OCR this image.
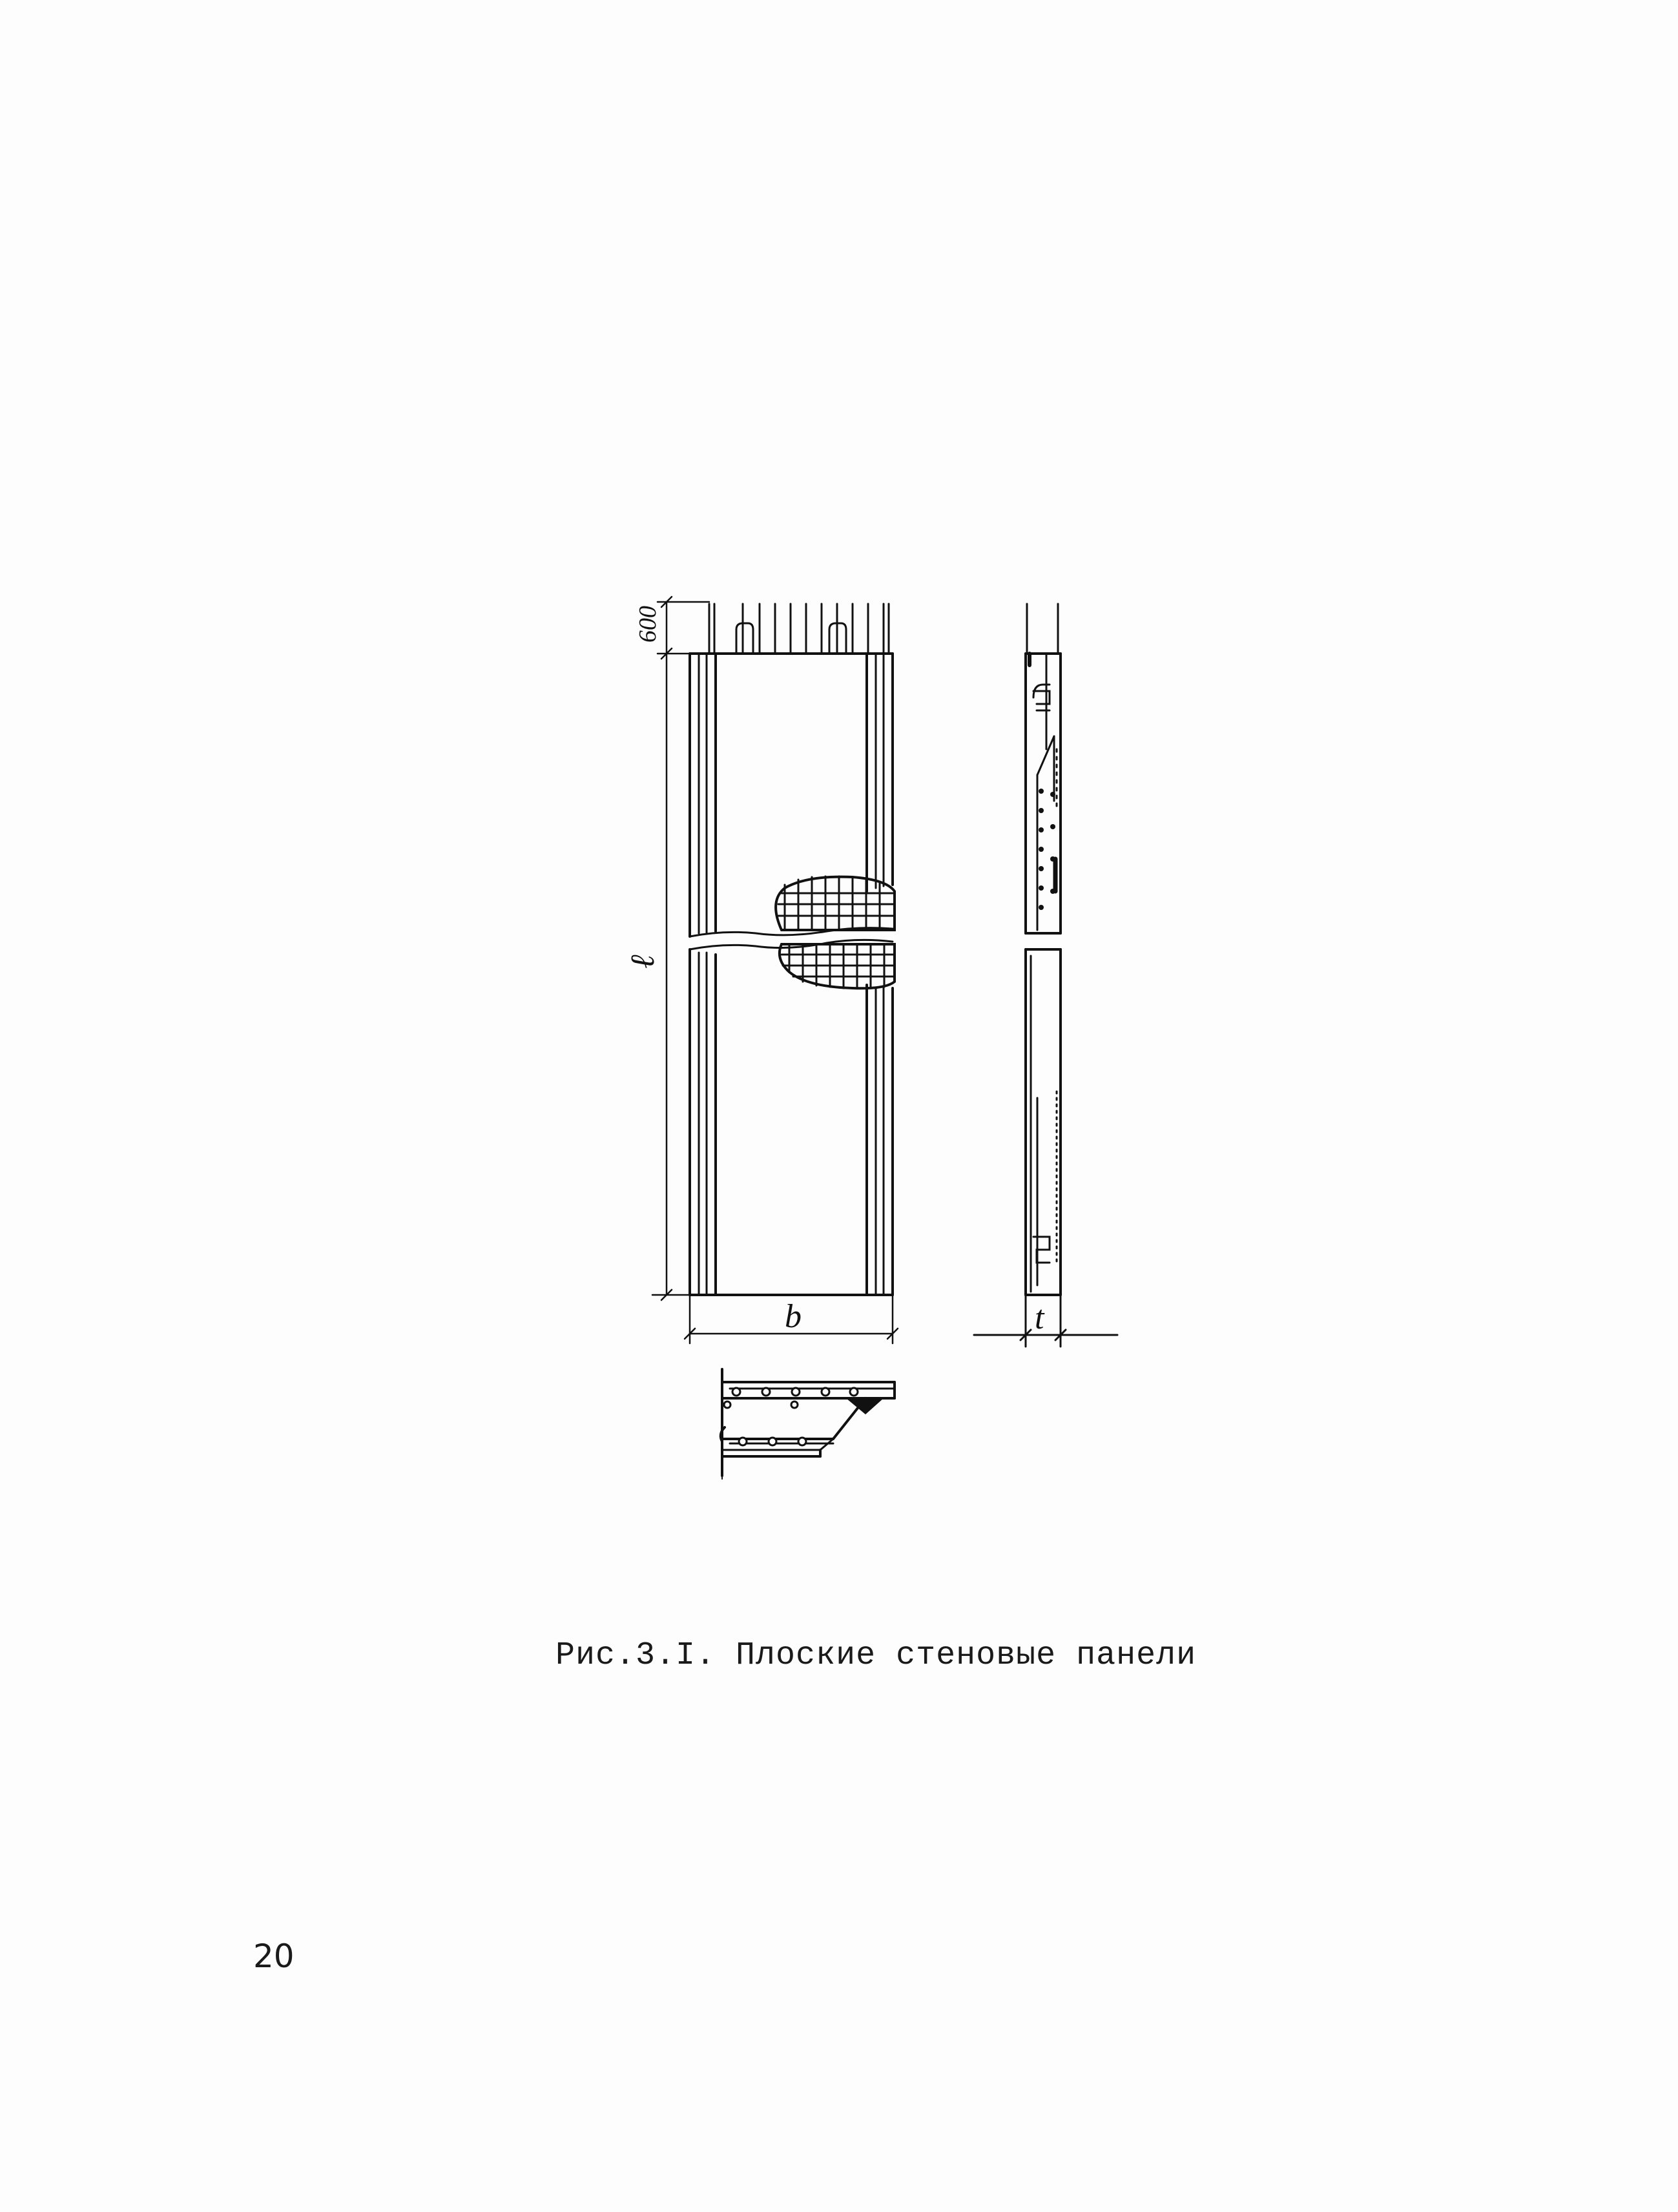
600
ℓ
b	t
Рис.3.I. Плоские стеновые панели
20
